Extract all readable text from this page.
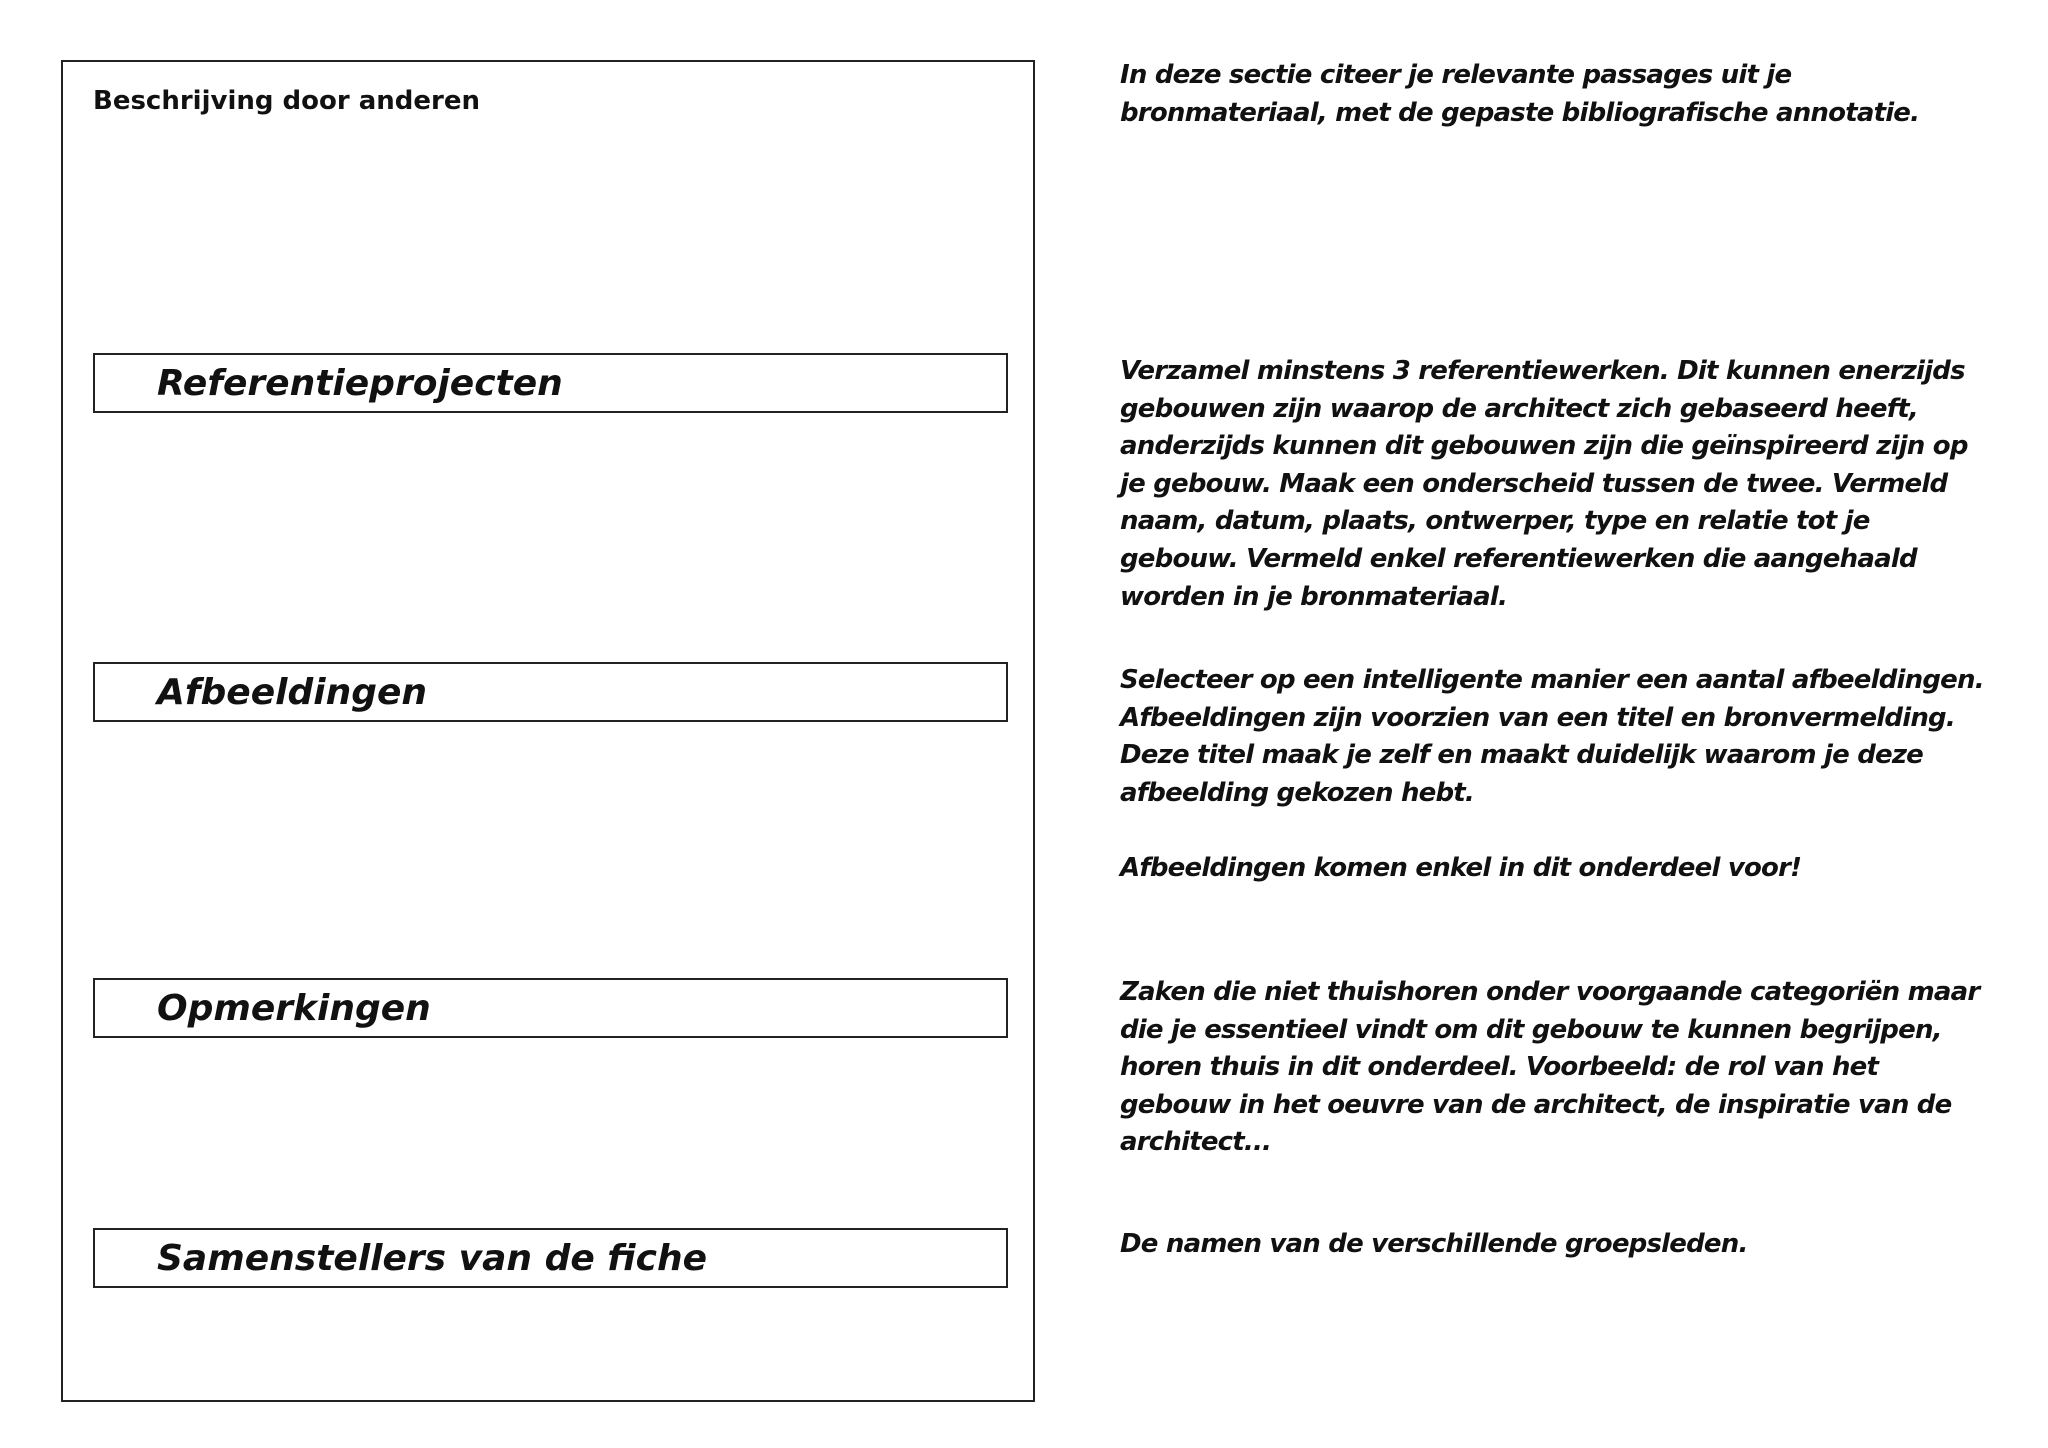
Beschrijving door anderen
Referentieprojecten
Afbeeldingen
Opmerkingen
Samenstellers van de fiche

In deze sectie citeer je relevante passages uit je
bronmateriaal, met de gepaste bibliografische annotatie.

Verzamel minstens 3 referentiewerken. Dit kunnen enerzijds
gebouwen zijn waarop de architect zich gebaseerd heeft,
anderzijds kunnen dit gebouwen zijn die geïnspireerd zijn op
je gebouw. Maak een onderscheid tussen de twee. Vermeld
naam, datum, plaats, ontwerper, type en relatie tot je
gebouw. Vermeld enkel referentiewerken die aangehaald
worden in je bronmateriaal.

Selecteer op een intelligente manier een aantal afbeeldingen.
Afbeeldingen zijn voorzien van een titel en bronvermelding.
Deze titel maak je zelf en maakt duidelijk waarom je deze
afbeelding gekozen hebt.

Afbeeldingen komen enkel in dit onderdeel voor!

Zaken die niet thuishoren onder voorgaande categoriën maar
die je essentieel vindt om dit gebouw te kunnen begrijpen,
horen thuis in dit onderdeel. Voorbeeld: de rol van het
gebouw in het oeuvre van de architect, de inspiratie van de
architect...

De namen van de verschillende groepsleden.
